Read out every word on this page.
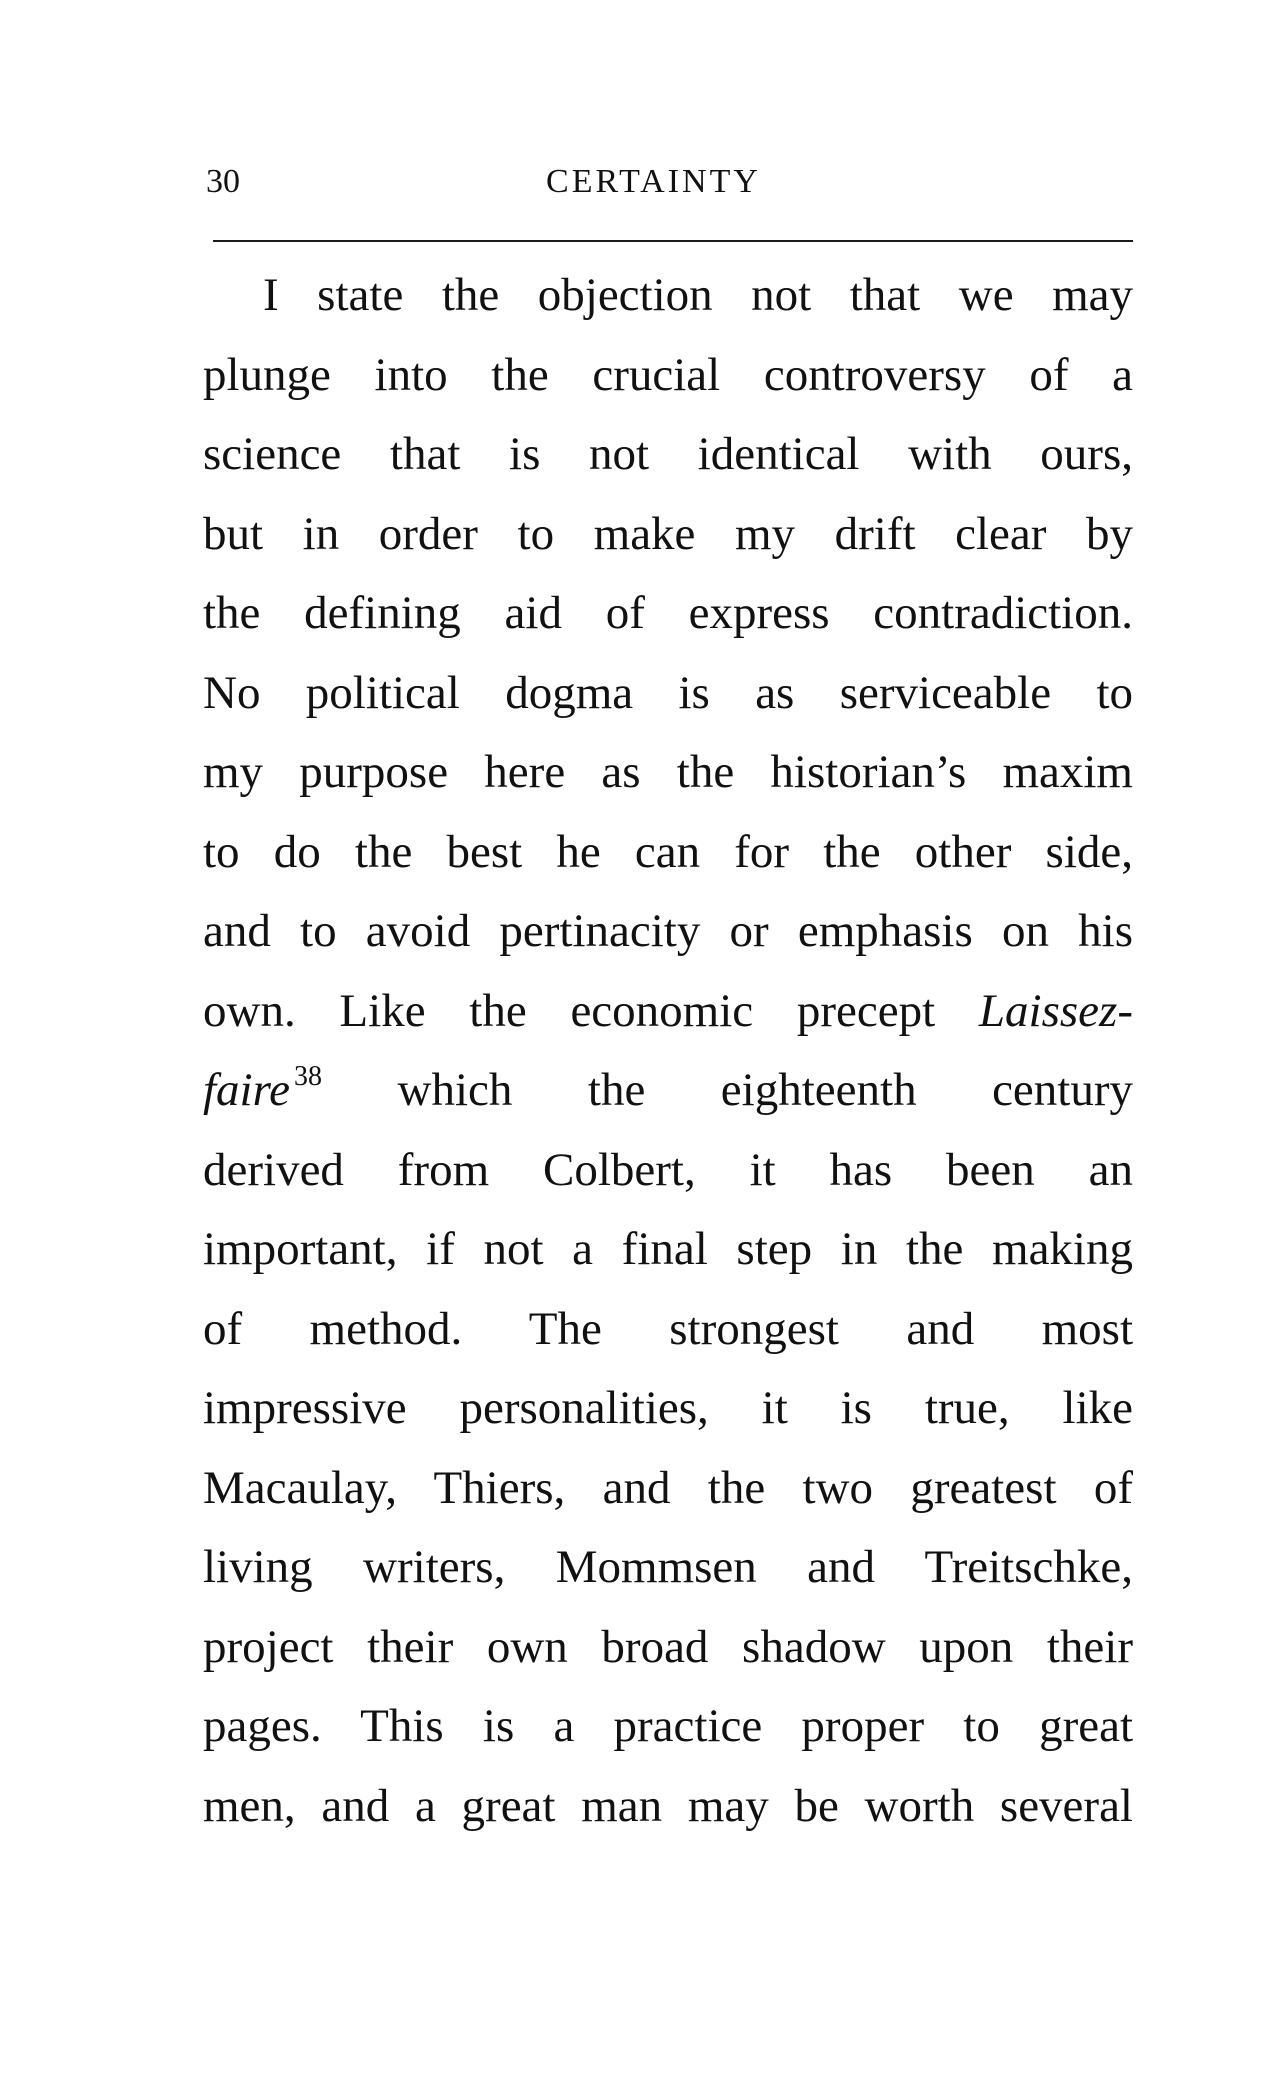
30	CERTAINTY
I state the objection not that we may
plunge into the crucial controversy of a
science that is not identical with ours,
but in order to make my drift clear by
the defining aid of express contradiction.
No political dogma is as serviceable to
my purpose here as the historian’s maxim
to do the best he can for the other side,
and to avoid pertinacity or emphasis on his
own. Like the economic precept Laissez-
faire $^{38}$ which the eighteenth century
derived from Colbert, it has been an
important, if not a final step in the making
of method. The strongest and most
impressive personalities, it is true, like
Macaulay, Thiers, and the two greatest of
living writers, Mommsen and Treitschke,
project their own broad shadow upon their
pages. This is a practice proper to great
men, and a great man may be worth several
